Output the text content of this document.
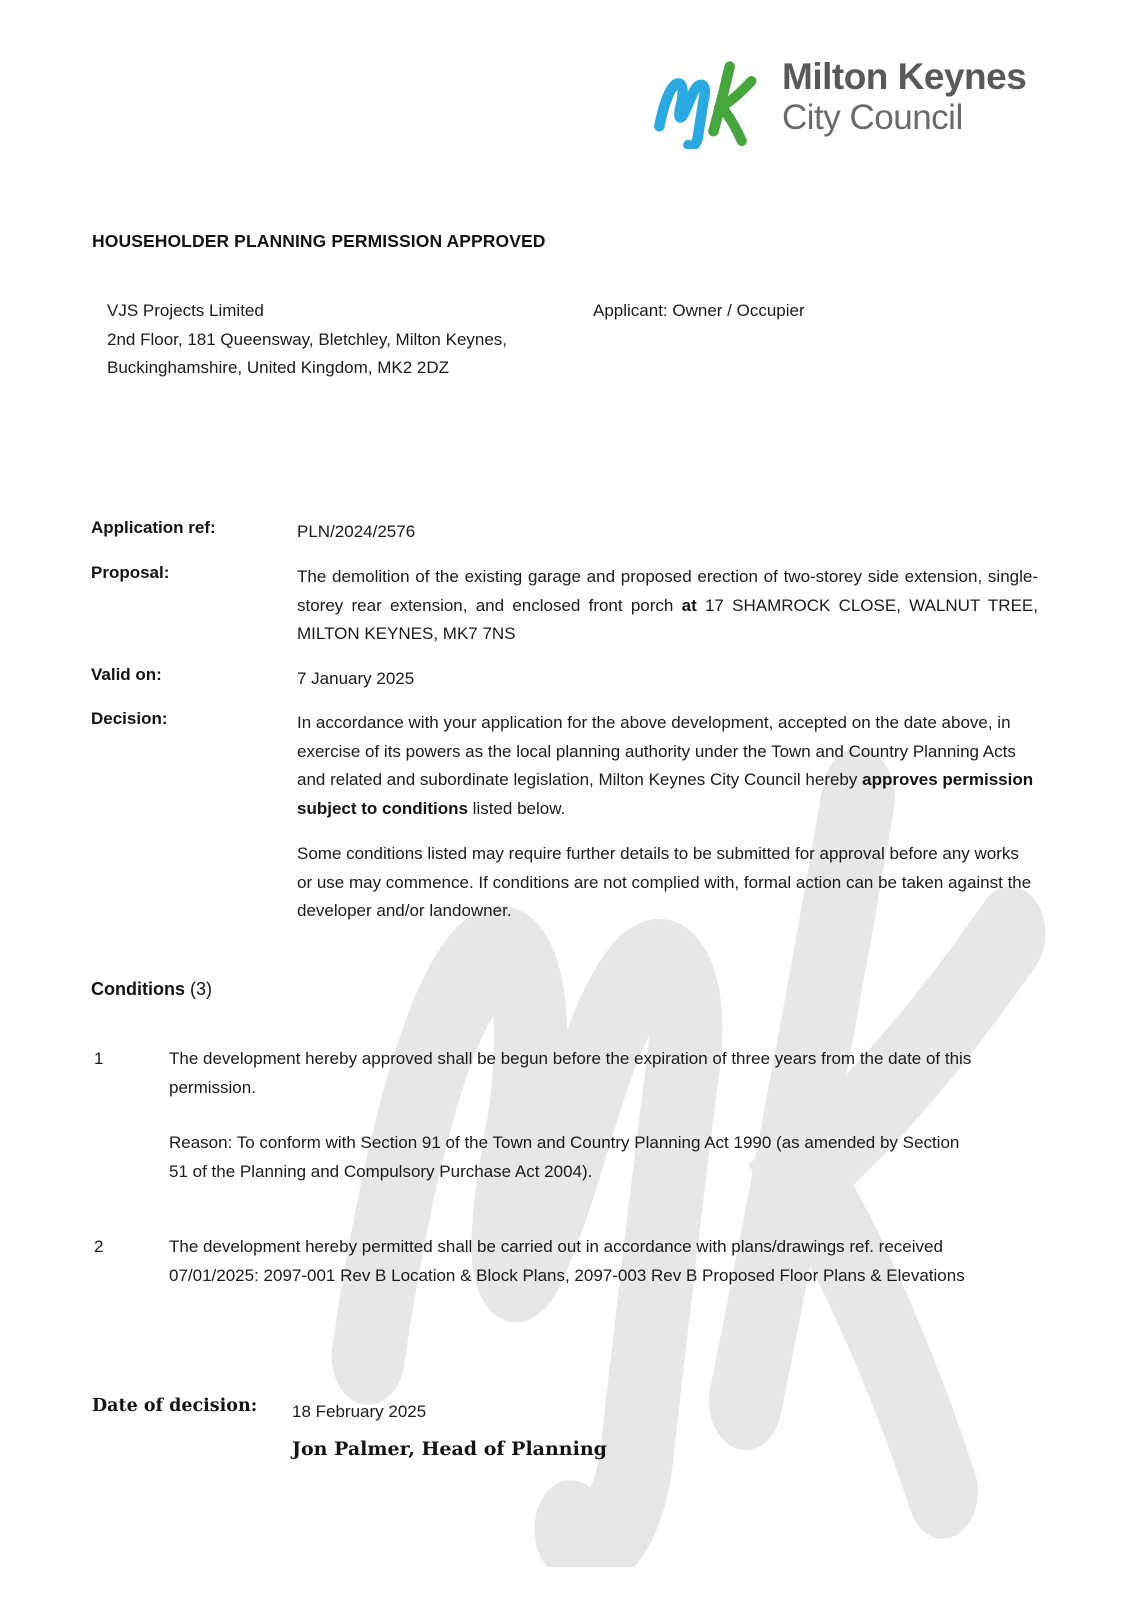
Milton Keynes
City Council
HOUSEHOLDER PLANNING PERMISSION APPROVED
VJS Projects Limited
2nd Floor, 181 Queensway, Bletchley, Milton Keynes,
Buckinghamshire, United Kingdom, MK2 2DZ
Applicant: Owner / Occupier
Application ref:	PLN/2024/2576
Proposal:	The demolition of the existing garage and proposed erection of two-storey side extension, single-storey rear extension, and enclosed front porch at 17 SHAMROCK CLOSE, WALNUT TREE, MILTON KEYNES, MK7 7NS
Valid on:	7 January 2025
Decision:	In accordance with your application for the above development, accepted on the date above, in exercise of its powers as the local planning authority under the Town and Country Planning Acts and related and subordinate legislation, Milton Keynes City Council hereby approves permission subject to conditions listed below.
Some conditions listed may require further details to be submitted for approval before any works or use may commence. If conditions are not complied with, formal action can be taken against the developer and/or landowner.
Conditions (3)
1	The development hereby approved shall be begun before the expiration of three years from the date of this permission.
Reason: To conform with Section 91 of the Town and Country Planning Act 1990 (as amended by Section 51 of the Planning and Compulsory Purchase Act 2004).
2	The development hereby permitted shall be carried out in accordance with plans/drawings ref. received 07/01/2025: 2097-001 Rev B Location & Block Plans, 2097-003 Rev B Proposed Floor Plans & Elevations
Date of decision: 18 February 2025
Jon Palmer, Head of Planning
